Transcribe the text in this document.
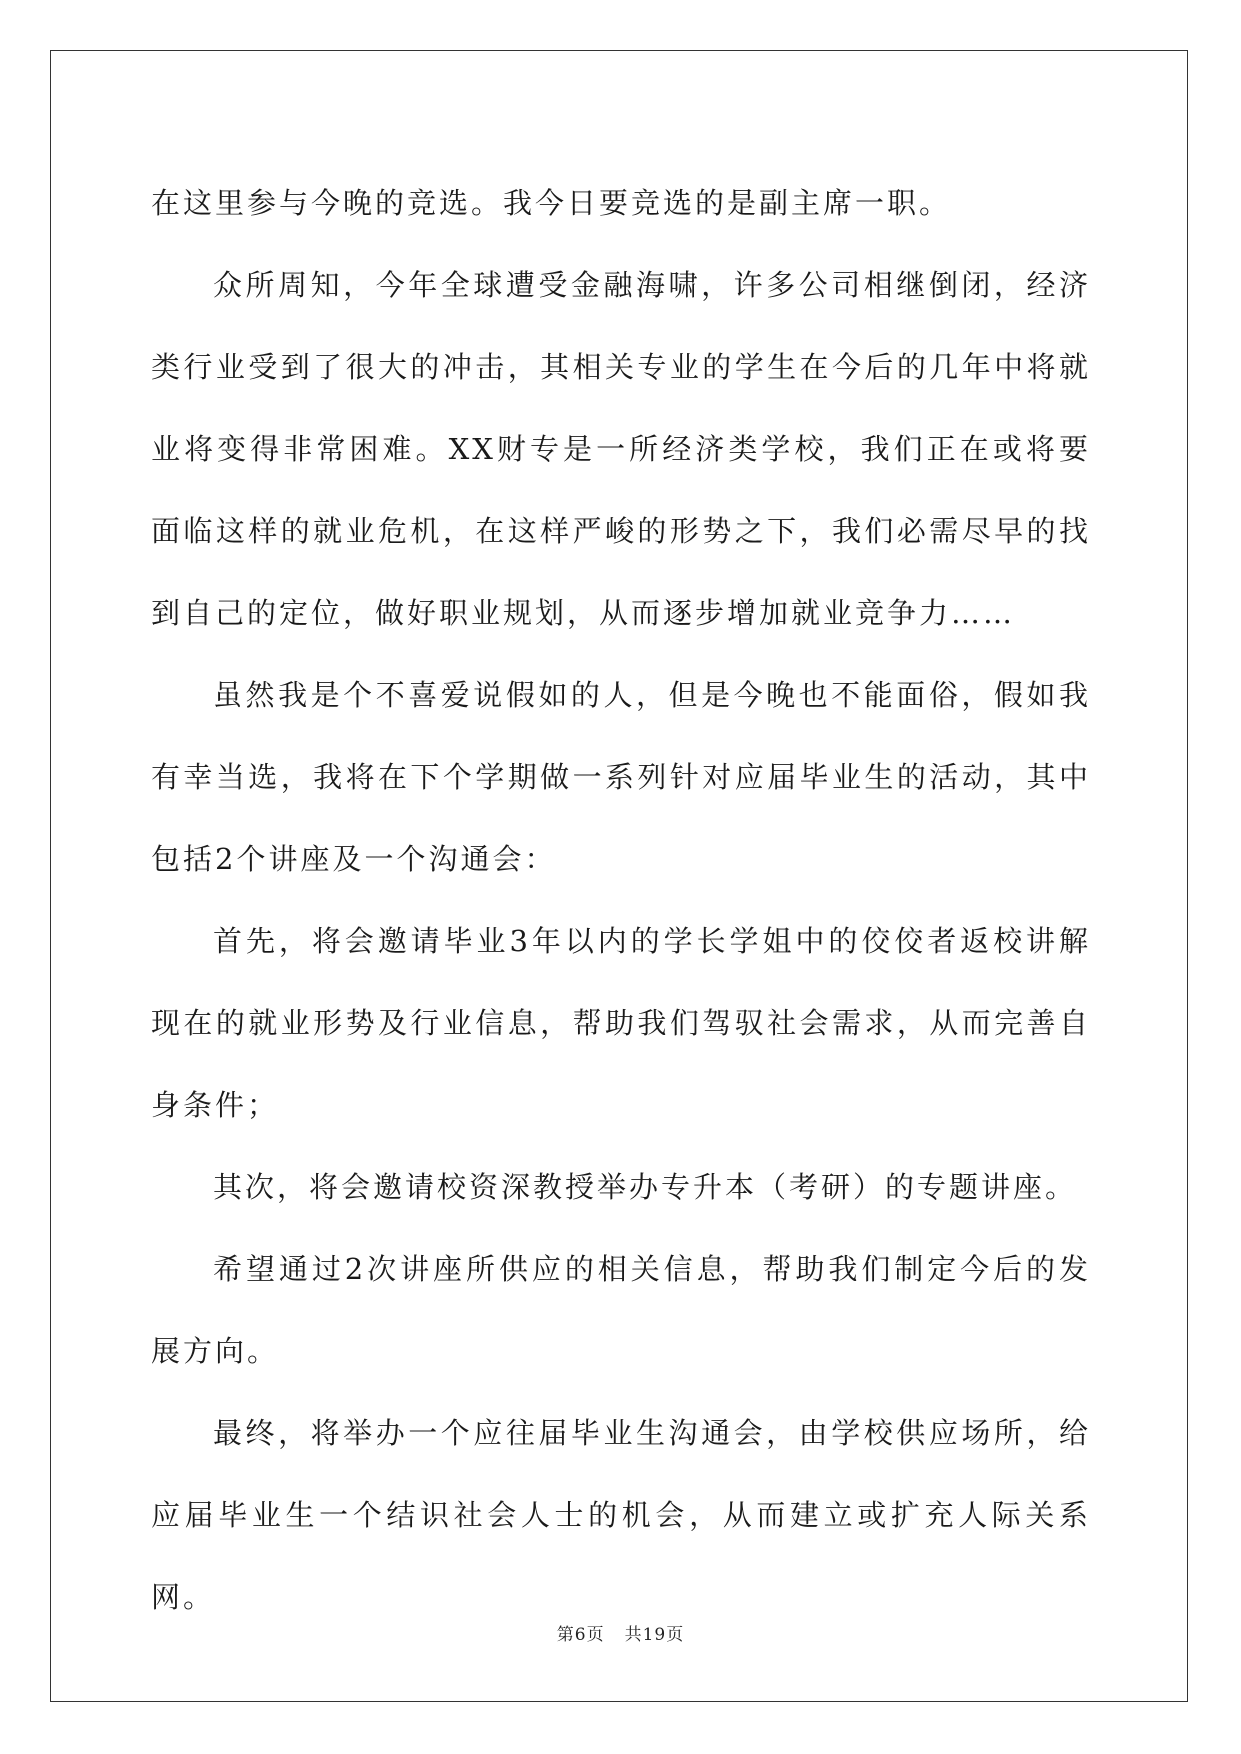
在这里参与今晚的竞选。我今日要竞选的是副主席一职。

众所周知，今年全球遭受金融海啸，许多公司相继倒闭，经济类行业受到了很大的冲击，其相关专业的学生在今后的几年中将就业将变得非常困难。XX财专是一所经济类学校，我们正在或将要面临这样的就业危机，在这样严峻的形势之下，我们必需尽早的找到自己的定位，做好职业规划，从而逐步增加就业竞争力……

虽然我是个不喜爱说假如的人，但是今晚也不能面俗，假如我有幸当选，我将在下个学期做一系列针对应届毕业生的活动，其中包括2个讲座及一个沟通会：

首先，将会邀请毕业3年以内的学长学姐中的佼佼者返校讲解现在的就业形势及行业信息，帮助我们驾驭社会需求，从而完善自身条件；

其次，将会邀请校资深教授举办专升本（考研）的专题讲座。

希望通过2次讲座所供应的相关信息，帮助我们制定今后的发展方向。

最终，将举办一个应往届毕业生沟通会，由学校供应场所，给应届毕业生一个结识社会人士的机会，从而建立或扩充人际关系网。

第6页 共19页
